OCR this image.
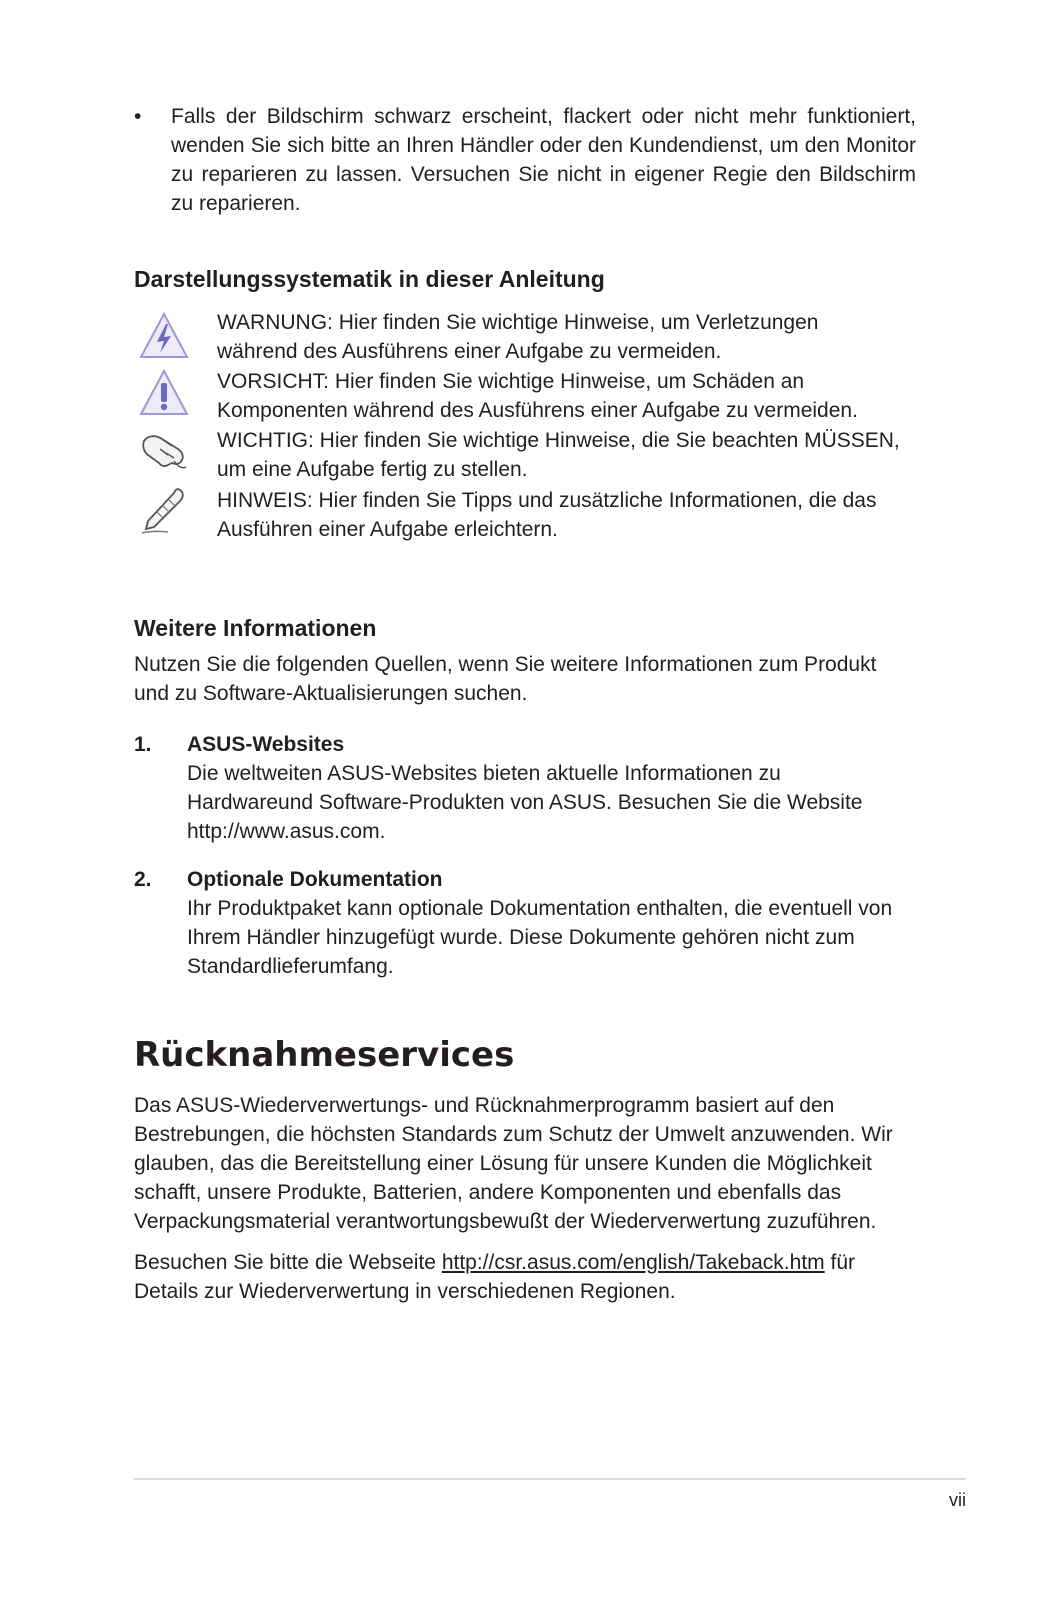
• Falls der Bildschirm schwarz erscheint, flackert oder nicht mehr funktioniert, wenden Sie sich bitte an Ihren Händler oder den Kundendienst, um den Monitor zu reparieren zu lassen. Versuchen Sie nicht in eigener Regie den Bildschirm zu reparieren.

Darstellungssystematik in dieser Anleitung

WARNUNG: Hier finden Sie wichtige Hinweise, um Verletzungen

während des Ausführens einer Aufgabe zu vermeiden.

VORSICHT: Hier finden Sie wichtige Hinweise, um Schäden an

Komponenten während des Ausführens einer Aufgabe zu vermeiden.

WICHTIG: Hier finden Sie wichtige Hinweise, die Sie beachten MÜSSEN,

um eine Aufgabe fertig zu stellen.

HINWEIS: Hier finden Sie Tipps und zusätzliche Informationen, die das

Ausführen einer Aufgabe erleichtern.

Weitere Informationen

Nutzen Sie die folgenden Quellen, wenn Sie weitere Informationen zum Produkt

und zu Software-Aktualisierungen suchen.

1. ASUS-Websites

Die weltweiten ASUS-Websites bieten aktuelle Informationen zu

Hardwareund Software-Produkten von ASUS. Besuchen Sie die Website

http://www.asus.com.

2. Optionale Dokumentation

Ihr Produktpaket kann optionale Dokumentation enthalten, die eventuell von

Ihrem Händler hinzugefügt wurde. Diese Dokumente gehören nicht zum

Standardlieferumfang.

Rücknahmeservices

Das ASUS-Wiederverwertungs- und Rücknahmerprogramm basiert auf den

Bestrebungen, die höchsten Standards zum Schutz der Umwelt anzuwenden. Wir

glauben, das die Bereitstellung einer Lösung für unsere Kunden die Möglichkeit

schafft, unsere Produkte, Batterien, andere Komponenten und ebenfalls das

Verpackungsmaterial verantwortungsbewußt der Wiederverwertung zuzuführen.

Besuchen Sie bitte die Webseite http://csr.asus.com/english/Takeback.htm für

Details zur Wiederverwertung in verschiedenen Regionen.

vii
